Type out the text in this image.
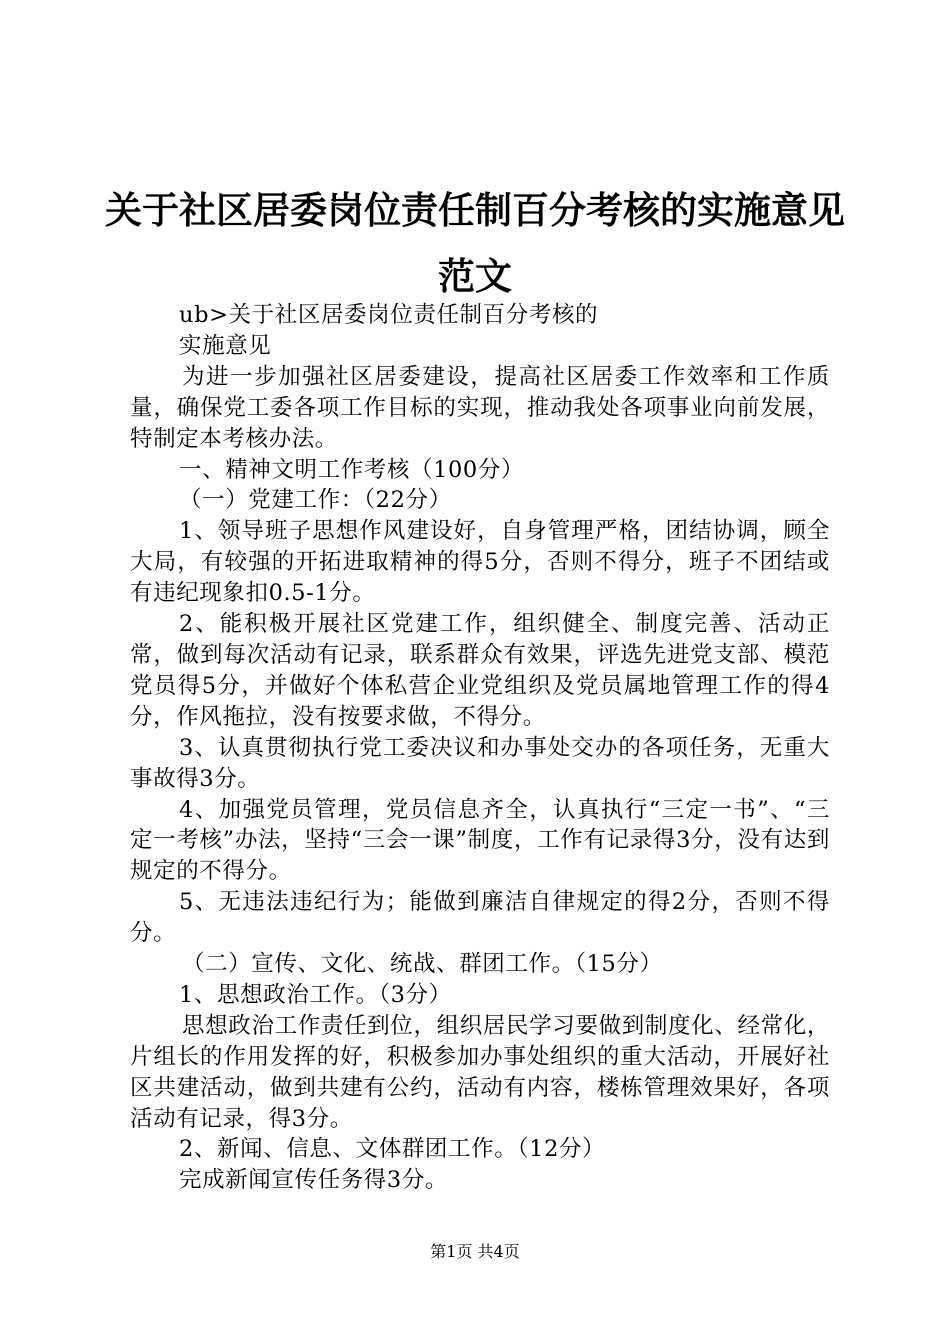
关于社区居委岗位责任制百分考核的实施意见
范文

ub>关于社区居委岗位责任制百分考核的

实施意见

为进一步加强社区居委建设，提高社区居委工作效率和工作质量，确保党工委各项工作目标的实现，推动我处各项事业向前发展，特制定本考核办法。

一、精神文明工作考核（100分）

（一）党建工作：（22分）

1、领导班子思想作风建设好，自身管理严格，团结协调，顾全大局，有较强的开拓进取精神的得5分，否则不得分，班子不团结或有违纪现象扣0.5-1分。

2、能积极开展社区党建工作，组织健全、制度完善、活动正常，做到每次活动有记录，联系群众有效果，评选先进党支部、模范党员得5分，并做好个体私营企业党组织及党员属地管理工作的得4分，作风拖拉，没有按要求做，不得分。

3、认真贯彻执行党工委决议和办事处交办的各项任务，无重大事故得3分。

4、加强党员管理，党员信息齐全，认真执行“三定一书”、“三定一考核”办法，坚持“三会一课”制度，工作有记录得3分，没有达到规定的不得分。

5、无违法违纪行为；能做到廉洁自律规定的得2分，否则不得分。

（二）宣传、文化、统战、群团工作。（15分）

1、思想政治工作。（3分）

思想政治工作责任到位，组织居民学习要做到制度化、经常化，片组长的作用发挥的好，积极参加办事处组织的重大活动，开展好社区共建活动，做到共建有公约，活动有内容，楼栋管理效果好，各项活动有记录，得3分。

2、新闻、信息、文体群团工作。（12分）

完成新闻宣传任务得3分。

第1页 共4页
